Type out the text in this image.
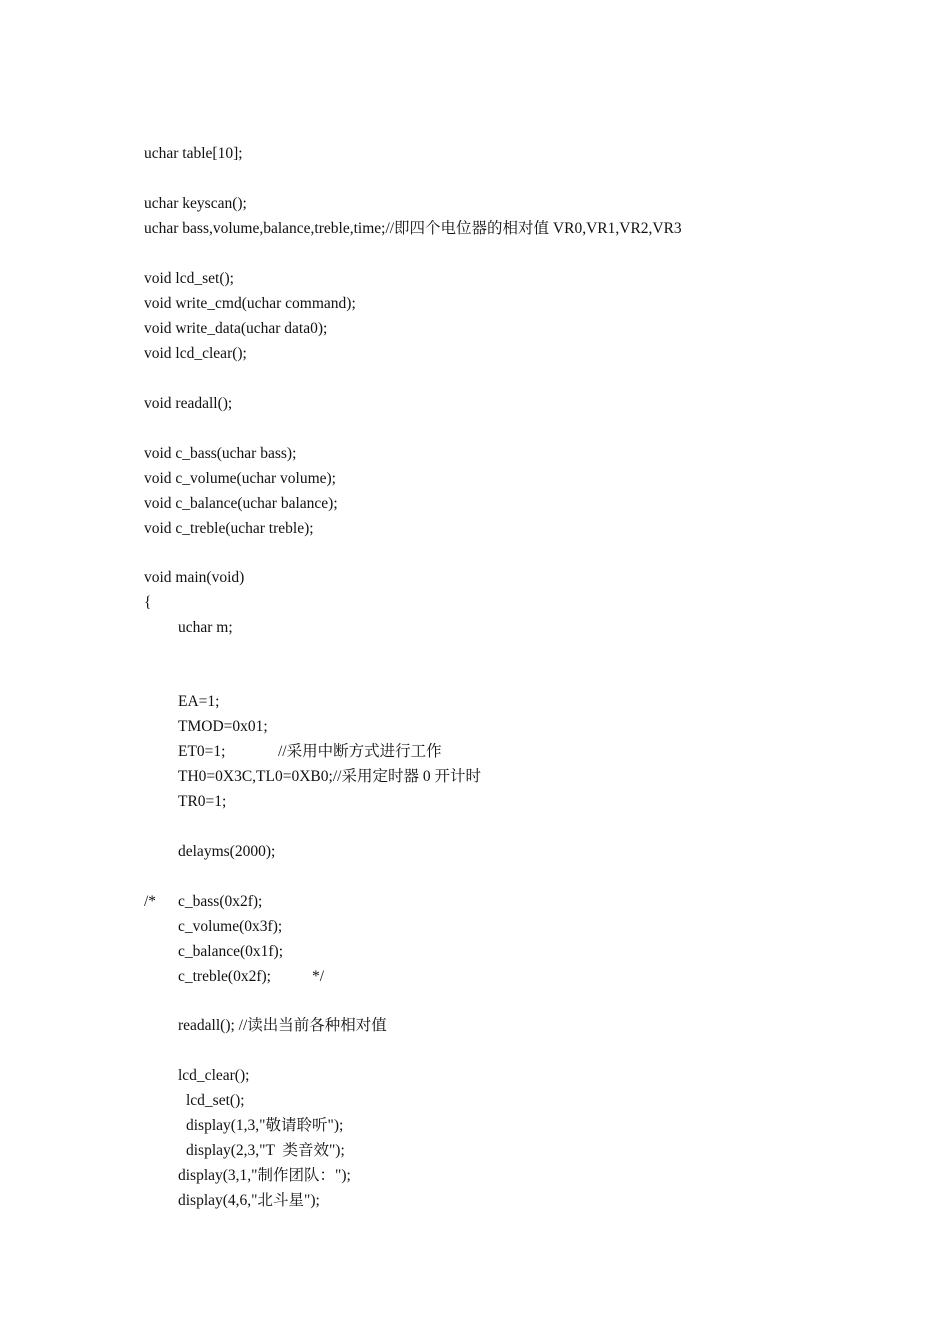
uchar table[10];
uchar keyscan();
uchar bass,volume,balance,treble,time;//即四个电位器的相对值 VR0,VR1,VR2,VR3
void lcd_set();
void write_cmd(uchar command);
void write_data(uchar data0);
void lcd_clear();
void readall();
void c_bass(uchar bass);
void c_volume(uchar volume);
void c_balance(uchar balance);
void c_treble(uchar treble);
void main(void)
{
uchar m;
EA=1;
TMOD=0x01;
ET0=1;	//采用中断方式进行工作
TH0=0X3C,TL0=0XB0;//采用定时器 0 开计时
TR0=1;
delayms(2000);
/* c_bass(0x2f);
c_volume(0x3f);
c_balance(0x1f);
c_treble(0x2f);	*/
readall(); //读出当前各种相对值
lcd_clear();
lcd_set();
display(1,3,"敬请聆听");
display(2,3,"T  类音效");
display(3,1,"制作团队：");
display(4,6,"北斗星");
